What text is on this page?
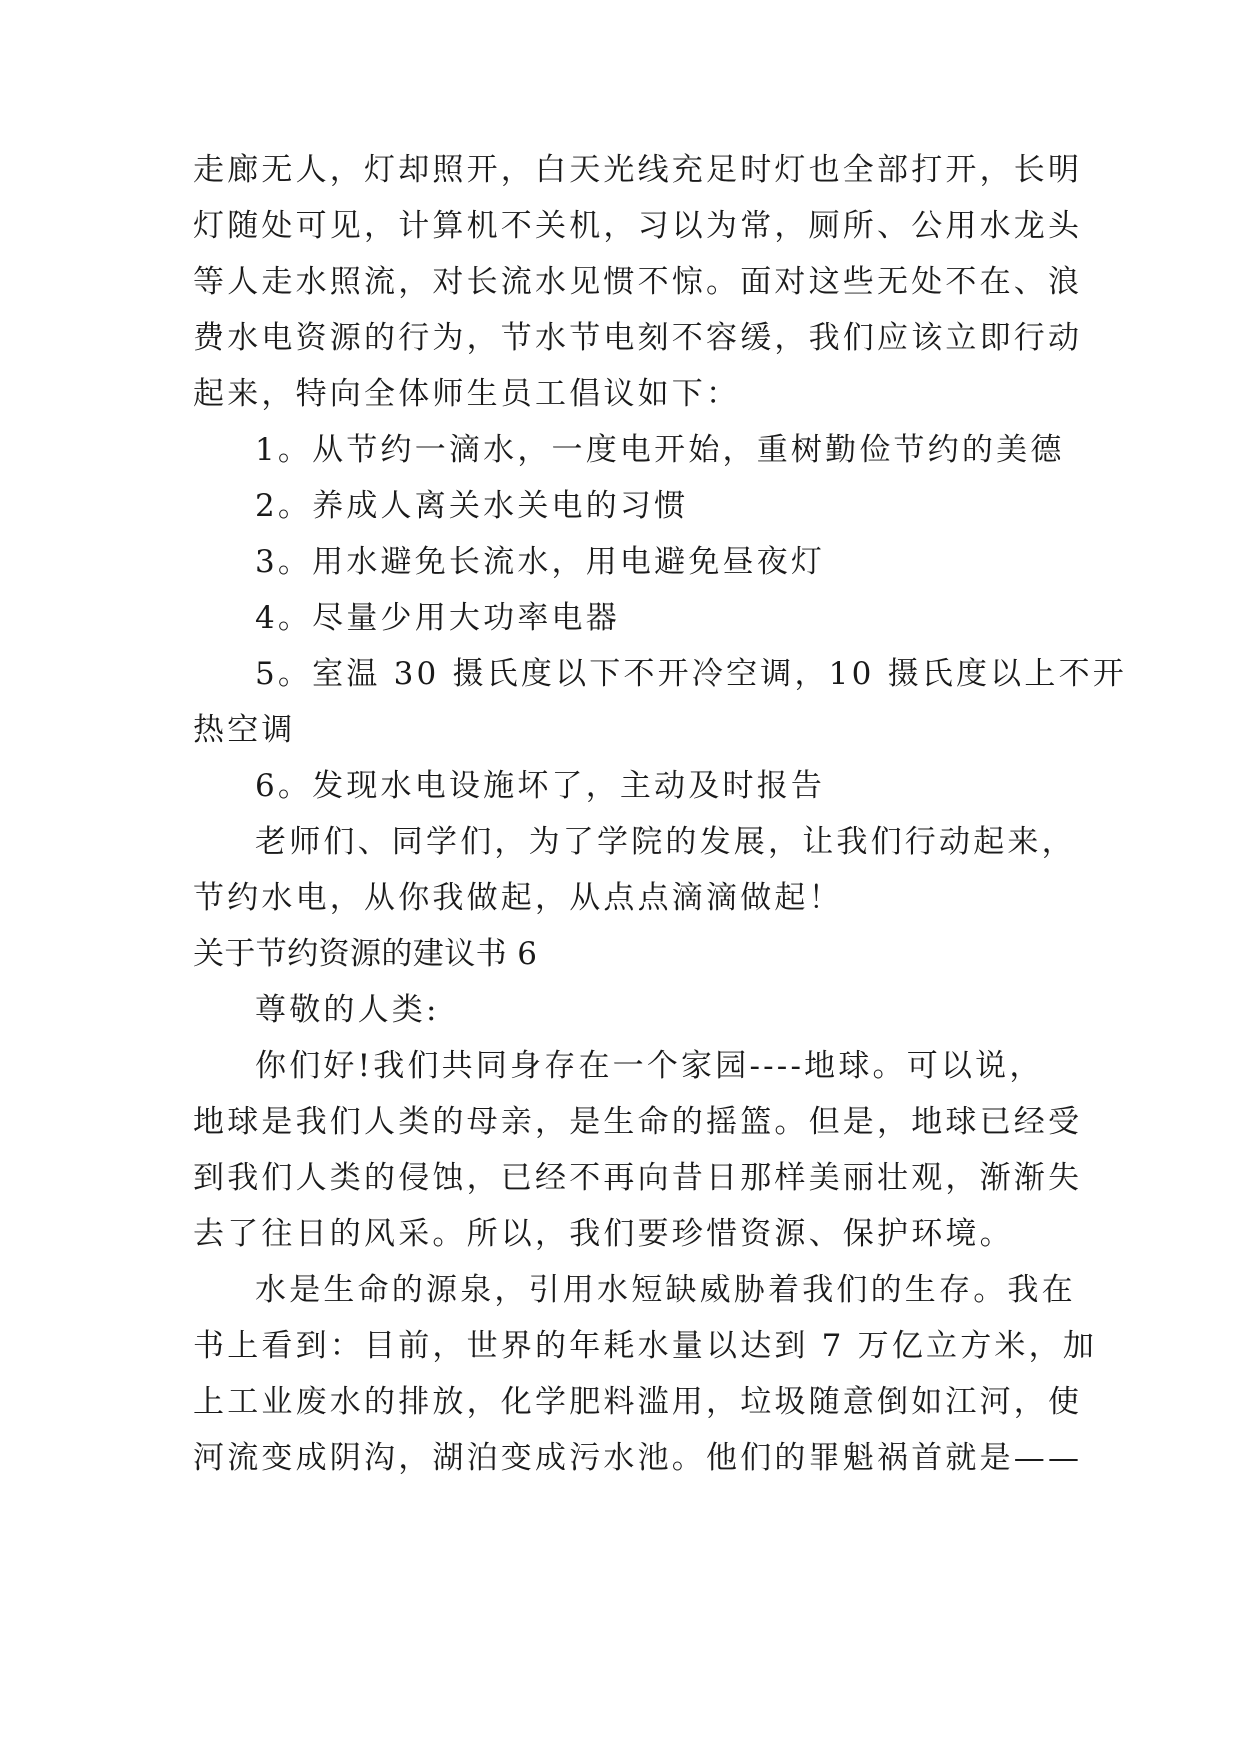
走廊无人，灯却照开，白天光线充足时灯也全部打开，长明
灯随处可见，计算机不关机，习以为常，厕所、公用水龙头
等人走水照流，对长流水见惯不惊。面对这些无处不在、浪
费水电资源的行为，节水节电刻不容缓，我们应该立即行动
起来，特向全体师生员工倡议如下：
1。从节约一滴水，一度电开始，重树勤俭节约的美德
2。养成人离关水关电的习惯
3。用水避免长流水，用电避免昼夜灯
4。尽量少用大功率电器
5。室温 30 摄氏度以下不开冷空调，10 摄氏度以上不开
热空调
6。发现水电设施坏了，主动及时报告
老师们、同学们，为了学院的发展，让我们行动起来，
节约水电，从你我做起，从点点滴滴做起！
关于节约资源的建议书 6
尊敬的人类:
你们好!我们共同身存在一个家园----地球。可以说，
地球是我们人类的母亲，是生命的摇篮。但是，地球已经受
到我们人类的侵蚀，已经不再向昔日那样美丽壮观，渐渐失
去了往日的风采。所以，我们要珍惜资源、保护环境。
水是生命的源泉，引用水短缺威胁着我们的生存。我在
书上看到：目前，世界的年耗水量以达到 7 万亿立方米，加
上工业废水的排放，化学肥料滥用，垃圾随意倒如江河，使
河流变成阴沟，湖泊变成污水池。他们的罪魁祸首就是——
